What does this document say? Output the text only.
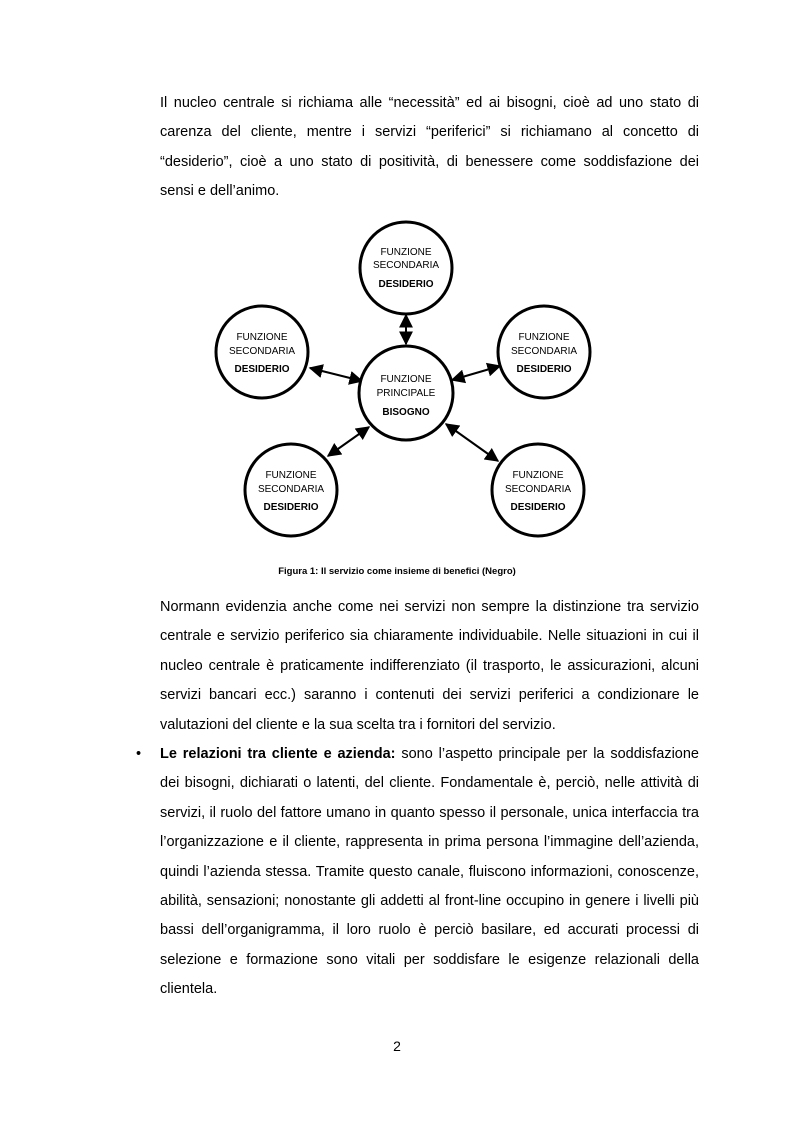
Il nucleo centrale si richiama alle “necessità” ed ai bisogni, cioè ad uno stato di carenza del cliente, mentre i servizi “periferici” si richiamano al concetto di “desiderio”, cioè a uno stato di positività, di benessere come soddisfazione dei sensi e dell’animo.

FUNZIONE
PRINCIPALE
BISOGNO
FUNZIONE
SECONDARIA
DESIDERIO
FUNZIONE
SECONDARIA
DESIDERIO
FUNZIONE
SECONDARIA
DESIDERIO
FUNZIONE
SECONDARIA
DESIDERIO
FUNZIONE
SECONDARIA
DESIDERIO
Figura 1: Il servizio come insieme di benefici (Negro)

Normann evidenzia anche come nei servizi non sempre la distinzione tra servizio centrale e servizio periferico sia chiaramente individuabile. Nelle situazioni in cui il nucleo centrale è praticamente indifferenziato (il trasporto, le assicurazioni, alcuni servizi bancari ecc.) saranno i contenuti dei servizi periferici a condizionare le valutazioni del cliente e la sua scelta tra i fornitori del servizio.

• Le relazioni tra cliente e azienda: sono l’aspetto principale per la soddisfazione dei bisogni, dichiarati o latenti, del cliente. Fondamentale è, perciò, nelle attività di servizi, il ruolo del fattore umano in quanto spesso il personale, unica interfaccia tra l’organizzazione e il cliente, rappresenta in prima persona l’immagine dell’azienda, quindi l’azienda stessa. Tramite questo canale, fluiscono informazioni, conoscenze, abilità, sensazioni; nonostante gli addetti al front-line occupino in genere i livelli più bassi dell’organigramma, il loro ruolo è perciò basilare, ed accurati processi di selezione e formazione sono vitali per soddisfare le esigenze relazionali della clientela.

2
